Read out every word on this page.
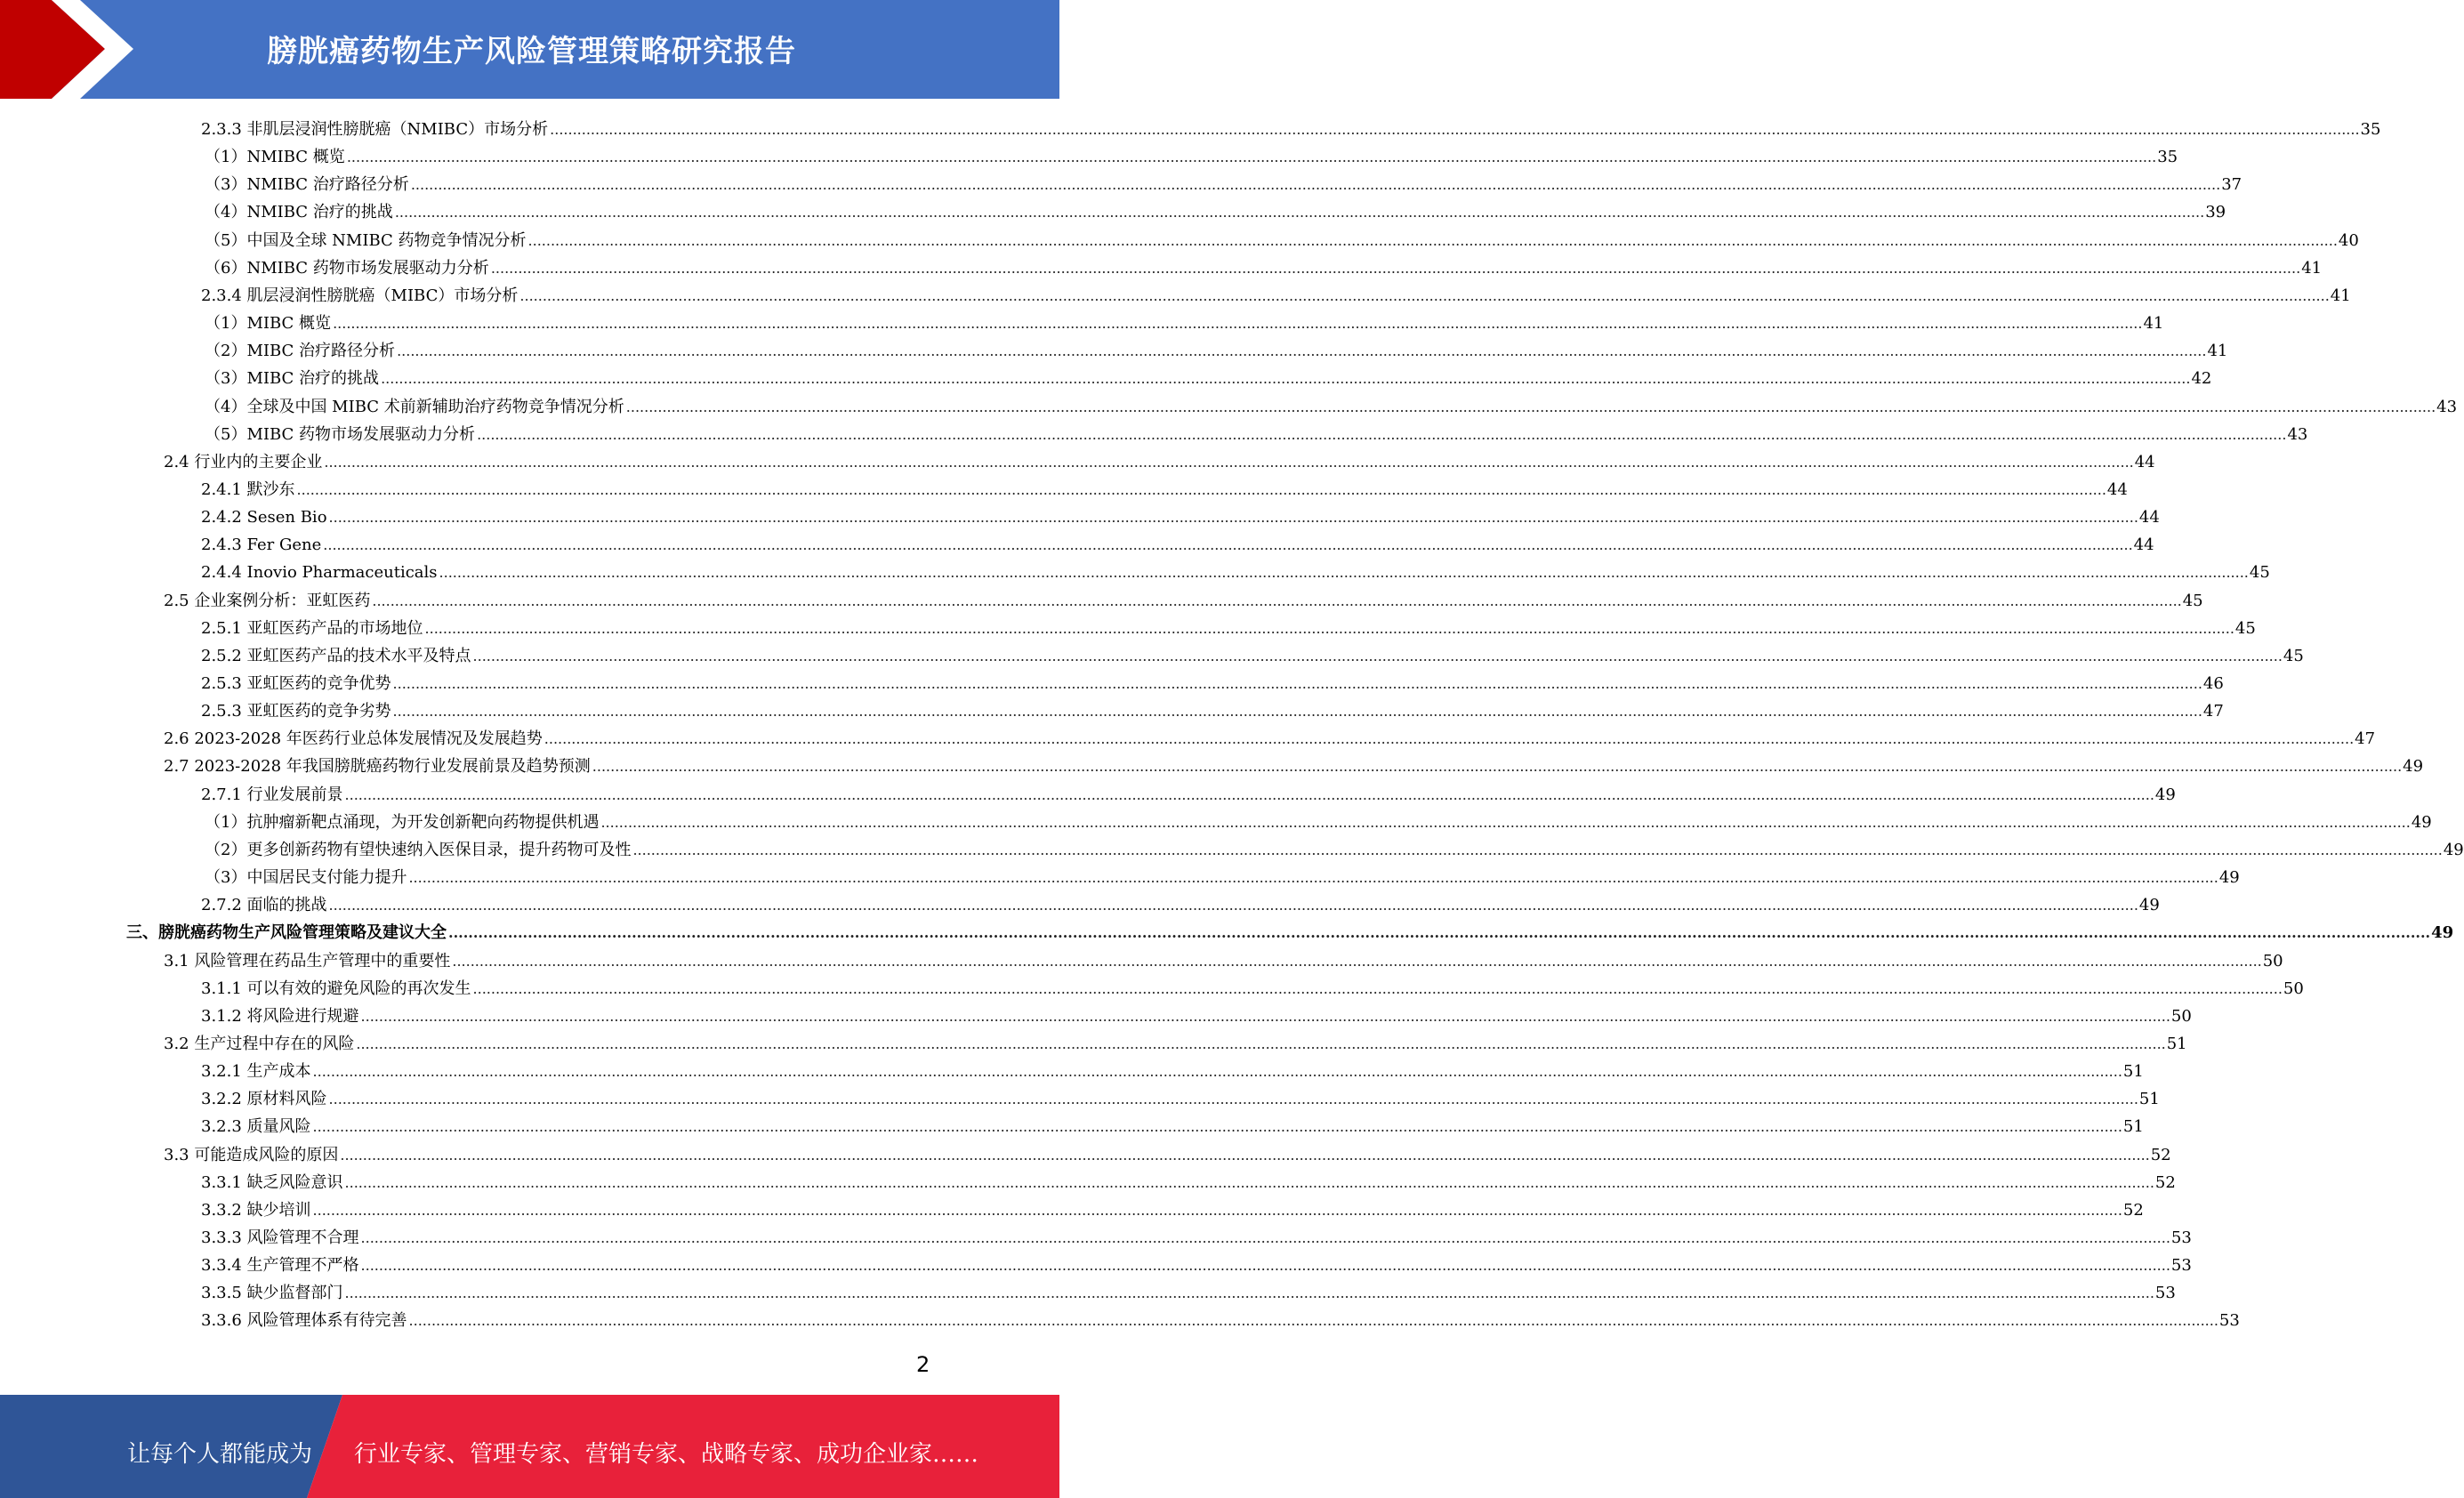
膀胱癌药物生产风险管理策略研究报告
2.3.3 非肌层浸润性膀胱癌（NMIBC）市场分析 ................................................................................................................................................................................................................................................................................................................................................................................................................ 35
（1）NMIBC 概览 ................................................................................................................................................................................................................................................................................................................................................................................................................ 35
（3）NMIBC 治疗路径分析 ................................................................................................................................................................................................................................................................................................................................................................................................................ 37
（4）NMIBC 治疗的挑战 ................................................................................................................................................................................................................................................................................................................................................................................................................ 39
（5）中国及全球 NMIBC 药物竞争情况分析 ................................................................................................................................................................................................................................................................................................................................................................................................................ 40
（6）NMIBC 药物市场发展驱动力分析 ................................................................................................................................................................................................................................................................................................................................................................................................................ 41
2.3.4 肌层浸润性膀胱癌（MIBC）市场分析 ................................................................................................................................................................................................................................................................................................................................................................................................................ 41
（1）MIBC 概览 ................................................................................................................................................................................................................................................................................................................................................................................................................ 41
（2）MIBC 治疗路径分析 ................................................................................................................................................................................................................................................................................................................................................................................................................ 41
（3）MIBC 治疗的挑战 ................................................................................................................................................................................................................................................................................................................................................................................................................ 42
（4）全球及中国 MIBC 术前新辅助治疗药物竞争情况分析 ................................................................................................................................................................................................................................................................................................................................................................................................................ 43
（5）MIBC 药物市场发展驱动力分析 ................................................................................................................................................................................................................................................................................................................................................................................................................ 43
2.4 行业内的主要企业 ................................................................................................................................................................................................................................................................................................................................................................................................................ 44
2.4.1 默沙东 ................................................................................................................................................................................................................................................................................................................................................................................................................ 44
2.4.2 Sesen Bio ................................................................................................................................................................................................................................................................................................................................................................................................................ 44
2.4.3 Fer Gene ................................................................................................................................................................................................................................................................................................................................................................................................................ 44
2.4.4 Inovio Pharmaceuticals ................................................................................................................................................................................................................................................................................................................................................................................................................ 45
2.5 企业案例分析：亚虹医药 ................................................................................................................................................................................................................................................................................................................................................................................................................ 45
2.5.1 亚虹医药产品的市场地位 ................................................................................................................................................................................................................................................................................................................................................................................................................ 45
2.5.2 亚虹医药产品的技术水平及特点 ................................................................................................................................................................................................................................................................................................................................................................................................................ 45
2.5.3 亚虹医药的竞争优势 ................................................................................................................................................................................................................................................................................................................................................................................................................ 46
2.5.3 亚虹医药的竞争劣势 ................................................................................................................................................................................................................................................................................................................................................................................................................ 47
2.6 2023-2028 年医药行业总体发展情况及发展趋势 ................................................................................................................................................................................................................................................................................................................................................................................................................ 47
2.7 2023-2028 年我国膀胱癌药物行业发展前景及趋势预测 ................................................................................................................................................................................................................................................................................................................................................................................................................ 49
2.7.1 行业发展前景 ................................................................................................................................................................................................................................................................................................................................................................................................................ 49
（1）抗肿瘤新靶点涌现，为开发创新靶向药物提供机遇 ................................................................................................................................................................................................................................................................................................................................................................................................................ 49
（2）更多创新药物有望快速纳入医保目录，提升药物可及性 ................................................................................................................................................................................................................................................................................................................................................................................................................ 49
（3）中国居民支付能力提升 ................................................................................................................................................................................................................................................................................................................................................................................................................ 49
2.7.2 面临的挑战 ................................................................................................................................................................................................................................................................................................................................................................................................................ 49
三、膀胱癌药物生产风险管理策略及建议大全 ................................................................................................................................................................................................................................................................................................................................................................................................................ 49
3.1 风险管理在药品生产管理中的重要性 ................................................................................................................................................................................................................................................................................................................................................................................................................ 50
3.1.1 可以有效的避免风险的再次发生 ................................................................................................................................................................................................................................................................................................................................................................................................................ 50
3.1.2 将风险进行规避 ................................................................................................................................................................................................................................................................................................................................................................................................................ 50
3.2 生产过程中存在的风险 ................................................................................................................................................................................................................................................................................................................................................................................................................ 51
3.2.1 生产成本 ................................................................................................................................................................................................................................................................................................................................................................................................................ 51
3.2.2 原材料风险 ................................................................................................................................................................................................................................................................................................................................................................................................................ 51
3.2.3 质量风险 ................................................................................................................................................................................................................................................................................................................................................................................................................ 51
3.3 可能造成风险的原因 ................................................................................................................................................................................................................................................................................................................................................................................................................ 52
3.3.1 缺乏风险意识 ................................................................................................................................................................................................................................................................................................................................................................................................................ 52
3.3.2 缺少培训 ................................................................................................................................................................................................................................................................................................................................................................................................................ 52
3.3.3 风险管理不合理 ................................................................................................................................................................................................................................................................................................................................................................................................................ 53
3.3.4 生产管理不严格 ................................................................................................................................................................................................................................................................................................................................................................................................................ 53
3.3.5 缺少监督部门 ................................................................................................................................................................................................................................................................................................................................................................................................................ 53
3.3.6 风险管理体系有待完善 ................................................................................................................................................................................................................................................................................................................................................................................................................ 53
2
让每个人都能成为 行业专家、管理专家、营销专家、战略专家、成功企业家……
